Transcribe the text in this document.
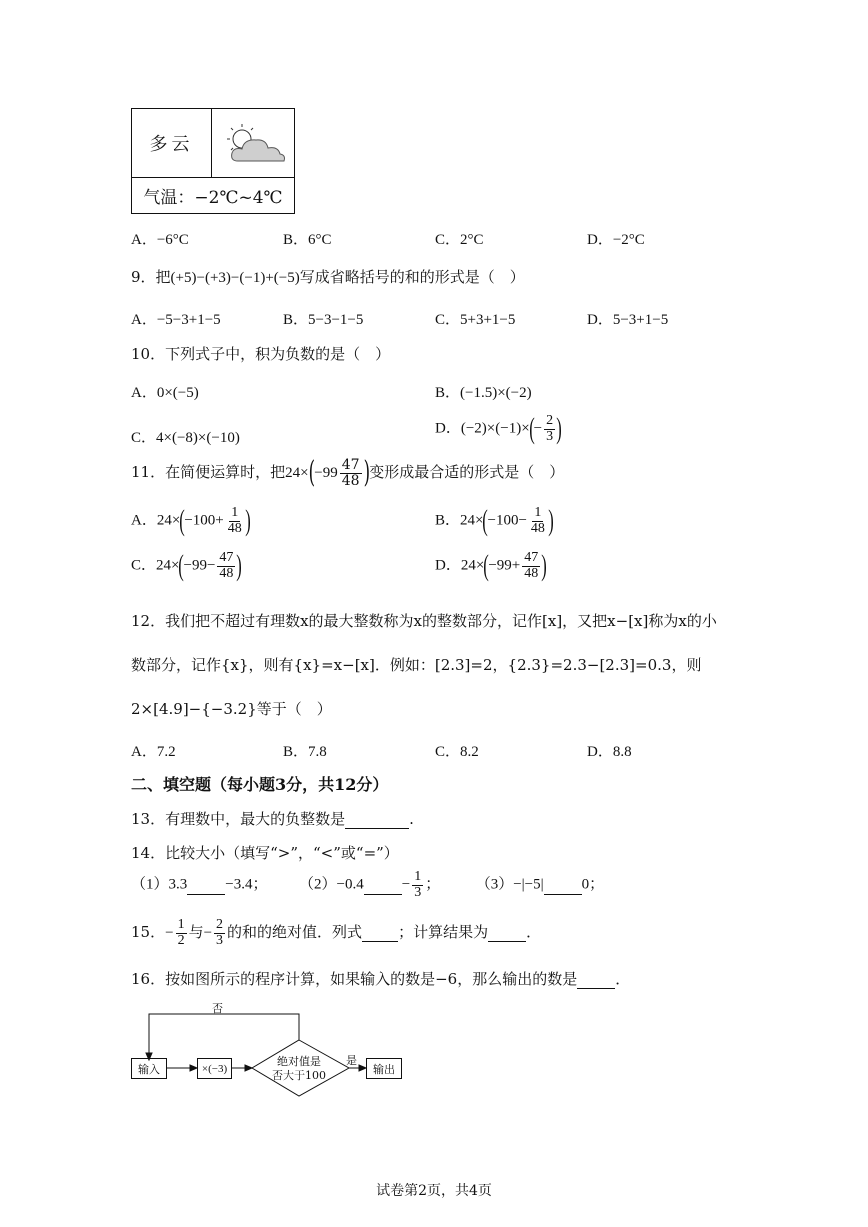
多云
气温：−2℃~4℃
A．−6°C	B．6°C	C．2°C	D．−2°C
9．把(+5)−(+3)−(−1)+(−5)写成省略括号的和的形式是（　）
A．−5−3+1−5	B．5−3−1−5	C．5+3+1−5	D．5−3+1−5
10．下列式子中，积为负数的是（　）
A．0×(−5)	B．(−1.5)×(−2)
C．4×(−8)×(−10)
D．$(-2)\times(-1)\times(- \frac{2}{3}$ )
11．在简便运算时，把$24\times(-99 \frac{47}{48}$ )变形成最合适的形式是（　）
A．$24\times(-100+ \frac{1}{48}$ )	B．$24\times(-100- \frac{1}{48}$ )
C．$24\times(-99- \frac{47}{48}$ )	D．$24\times(-99+ \frac{47}{48}$ )
12．我们把不超过有理数x的最大整数称为x的整数部分，记作[x]，又把x−[x]称为x的小
数部分，记作{x}，则有{x}=x−[x]．例如：[2.3]=2，{2.3}=2.3−[2.3]=0.3，则
2×[4.9]−{−3.2}等于（　）
A．7.2	B．7.8	C．8.2	D．8.8
二、填空题（每小题3分，共12分）
13．有理数中，最大的负整数是	.
14．比较大小（填写“>”，“<”或“=”）
（1）3.3	−3.4； （2）−0.4	− $\frac{1}{3}$ ； （3）−|−5|	0；
15．− $\frac{1}{2}$ 与− $\frac{2}{3}$ 的和的绝对值．列式 ；计算结果为	．
16．按如图所示的程序计算，如果输入的数是−6，那么输出的数是	．
否
输入	×(−3)
绝对值是
否大于100
是
输出
试卷第2页，共4页
